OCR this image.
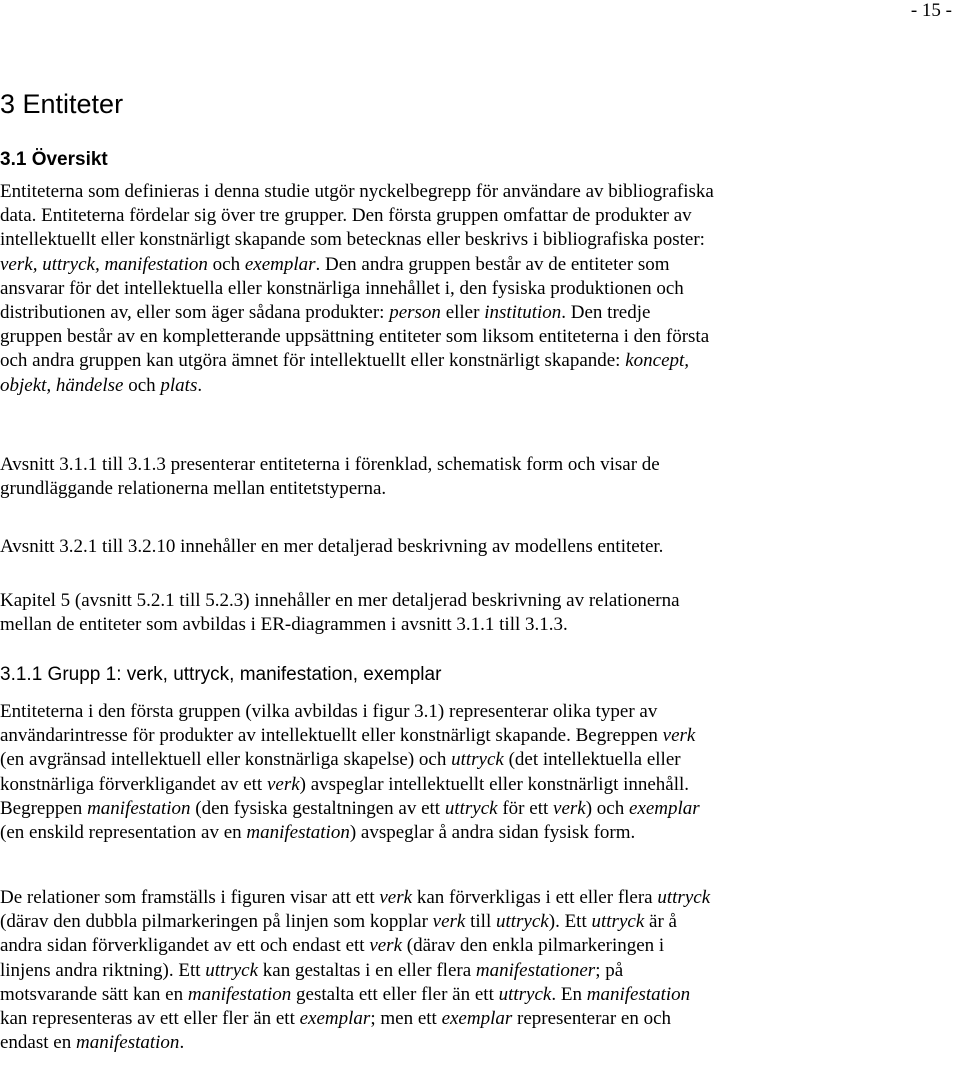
- 15 -
3 Entiteter
3.1 Översikt
Entiteterna som definieras i denna studie utgör nyckelbegrepp för användare av bibliografiska
data. Entiteterna fördelar sig över tre grupper. Den första gruppen omfattar de produkter av
intellektuellt eller konstnärligt skapande som betecknas eller beskrivs i bibliografiska poster:
verk, uttryck, manifestation och exemplar. Den andra gruppen består av de entiteter som
ansvarar för det intellektuella eller konstnärliga innehållet i, den fysiska produktionen och
distributionen av, eller som äger sådana produkter: person eller institution. Den tredje
gruppen består av en kompletterande uppsättning entiteter som liksom entiteterna i den första
och andra gruppen kan utgöra ämnet för intellektuellt eller konstnärligt skapande: koncept,
objekt, händelse och plats.
Avsnitt 3.1.1 till 3.1.3 presenterar entiteterna i förenklad, schematisk form och visar de
grundläggande relationerna mellan entitetstyperna.
Avsnitt 3.2.1 till 3.2.10 innehåller en mer detaljerad beskrivning av modellens entiteter.
Kapitel 5 (avsnitt 5.2.1 till 5.2.3) innehåller en mer detaljerad beskrivning av relationerna
mellan de entiteter som avbildas i ER-diagrammen i avsnitt 3.1.1 till 3.1.3.
3.1.1 Grupp 1: verk, uttryck, manifestation, exemplar
Entiteterna i den första gruppen (vilka avbildas i figur 3.1) representerar olika typer av
användarintresse för produkter av intellektuellt eller konstnärligt skapande. Begreppen verk
(en avgränsad intellektuell eller konstnärliga skapelse) och uttryck (det intellektuella eller
konstnärliga förverkligandet av ett verk) avspeglar intellektuellt eller konstnärligt innehåll.
Begreppen manifestation (den fysiska gestaltningen av ett uttryck för ett verk) och exemplar
(en enskild representation av en manifestation) avspeglar å andra sidan fysisk form.
De relationer som framställs i figuren visar att ett verk kan förverkligas i ett eller flera uttryck
(därav den dubbla pilmarkeringen på linjen som kopplar verk till uttryck). Ett uttryck är å
andra sidan förverkligandet av ett och endast ett verk (därav den enkla pilmarkeringen i
linjens andra riktning). Ett uttryck kan gestaltas i en eller flera manifestationer; på
motsvarande sätt kan en manifestation gestalta ett eller fler än ett uttryck. En manifestation
kan representeras av ett eller fler än ett exemplar; men ett exemplar representerar en och
endast en manifestation.
